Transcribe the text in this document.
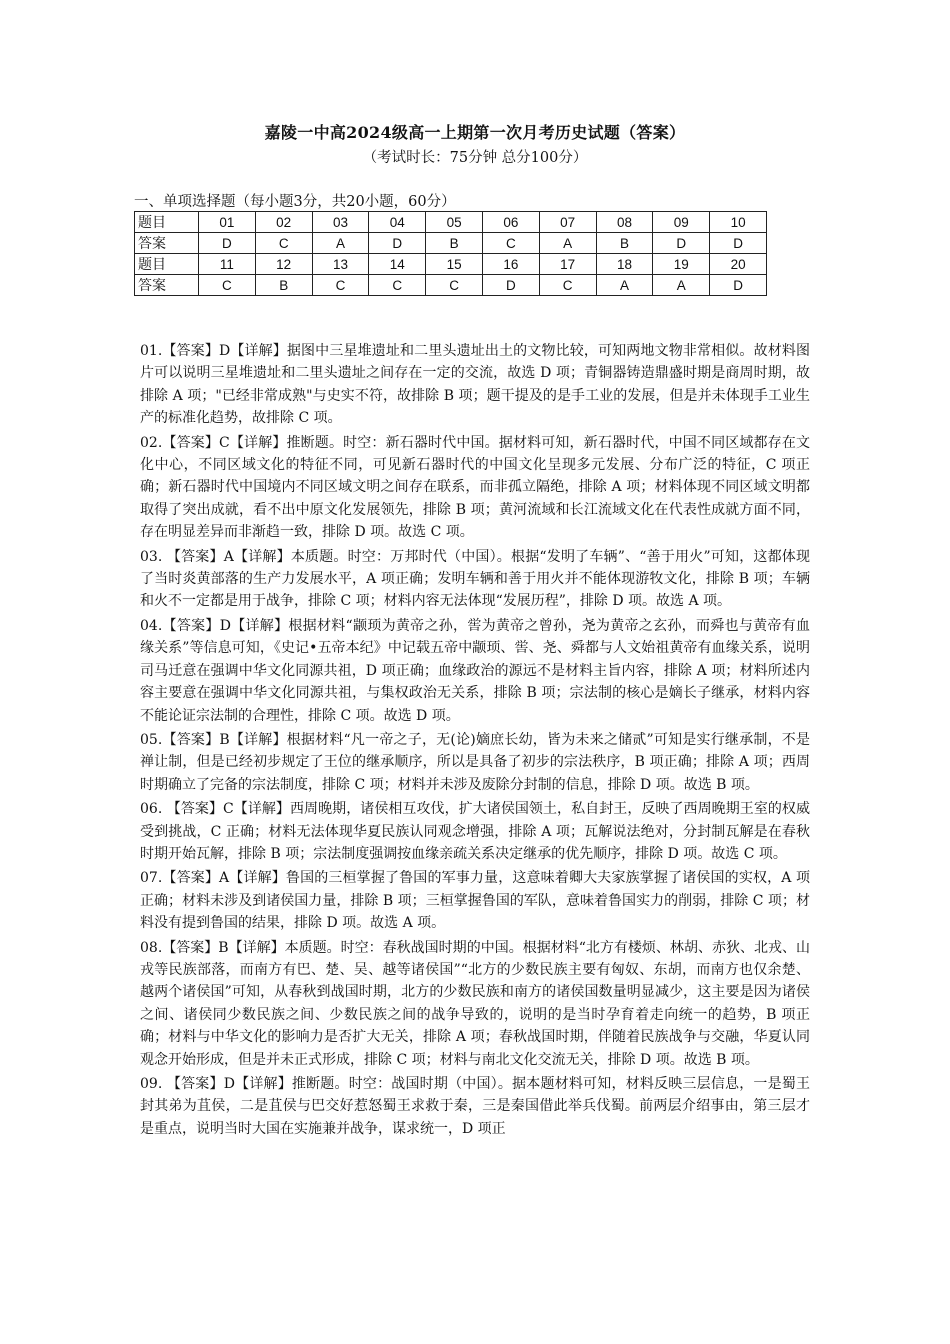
嘉陵一中高2024级高一上期第一次月考历史试题（答案）
（考试时长：75分钟 总分100分）
一、单项选择题（每小题3分，共20小题，60分）
题目	01	02	03	04	05	06	07	08	09	10
答案	D	C	A	D	B	C	A	B	D	D
题目	11	12	13	14	15	16	17	18	19	20
答案	C	B	C	C	C	D	C	A	A	D

01.【答案】D【详解】据图中三星堆遗址和二里头遗址出土的文物比较，可知两地文物非常相似。故材料图片可以说明三星堆遗址和二里头遗址之间存在一定的交流，故选 D 项；青铜器铸造鼎盛时期是商周时期，故排除 A 项；"已经非常成熟"与史实不符，故排除 B 项；题干提及的是手工业的发展，但是并未体现手工业生产的标准化趋势，故排除 C 项。

02.【答案】C【详解】推断题。时空：新石器时代中国。据材料可知，新石器时代，中国不同区域都存在文化中心，不同区域文化的特征不同，可见新石器时代的中国文化呈现多元发展、分布广泛的特征，C 项正确；新石器时代中国境内不同区域文明之间存在联系，而非孤立隔绝，排除 A 项；材料体现不同区域文明都取得了突出成就，看不出中原文化发展领先，排除 B 项；黄河流域和长江流域文化在代表性成就方面不同，存在明显差异而非渐趋一致，排除 D 项。故选 C 项。

03. 【答案】A【详解】本质题。时空：万邦时代（中国）。根据“发明了车辆”、“善于用火”可知，这都体现了当时炎黄部落的生产力发展水平，A 项正确；发明车辆和善于用火并不能体现游牧文化，排除 B 项；车辆和火不一定都是用于战争，排除 C 项；材料内容无法体现“发展历程”，排除 D 项。故选 A 项。

04.【答案】D【详解】根据材料“颛顼为黄帝之孙，喾为黄帝之曾孙，尧为黄帝之玄孙，而舜也与黄帝有血缘关系”等信息可知，《史记•五帝本纪》中记载五帝中颛顼、喾、尧、舜都与人文始祖黄帝有血缘关系，说明司马迁意在强调中华文化同源共祖，D 项正确；血缘政治的源远不是材料主旨内容，排除 A 项；材料所述内容主要意在强调中华文化同源共祖，与集权政治无关系，排除 B 项；宗法制的核心是嫡长子继承，材料内容不能论证宗法制的合理性，排除 C 项。故选 D 项。

05.【答案】B【详解】根据材料“凡一帝之子，无(论)嫡庶长幼，皆为未来之储贰”可知是实行继承制，不是禅让制，但是已经初步规定了王位的继承顺序，所以是具备了初步的宗法秩序，B 项正确；排除 A 项；西周时期确立了完备的宗法制度，排除 C 项；材料并未涉及废除分封制的信息，排除 D 项。故选 B 项。

06. 【答案】C【详解】西周晚期，诸侯相互攻伐，扩大诸侯国领土，私自封王，反映了西周晚期王室的权威受到挑战，C 正确；材料无法体现华夏民族认同观念增强，排除 A 项；瓦解说法绝对，分封制瓦解是在春秋时期开始瓦解，排除 B 项；宗法制度强调按血缘亲疏关系决定继承的优先顺序，排除 D 项。故选 C 项。

07.【答案】A【详解】鲁国的三桓掌握了鲁国的军事力量，这意味着卿大夫家族掌握了诸侯国的实权，A 项正确；材料未涉及到诸侯国力量，排除 B 项；三桓掌握鲁国的军队，意味着鲁国实力的削弱，排除 C 项；材料没有提到鲁国的结果，排除 D 项。故选 A 项。

08.【答案】B【详解】本质题。时空：春秋战国时期的中国。根据材料“北方有楼烦、林胡、赤狄、北戎、山戎等民族部落，而南方有巴、楚、吴、越等诸侯国”“北方的少数民族主要有匈奴、东胡，而南方也仅余楚、越两个诸侯国”可知，从春秋到战国时期，北方的少数民族和南方的诸侯国数量明显减少，这主要是因为诸侯之间、诸侯同少数民族之间、少数民族之间的战争导致的，说明的是当时孕育着走向统一的趋势，B 项正确；材料与中华文化的影响力是否扩大无关，排除 A 项；春秋战国时期，伴随着民族战争与交融，华夏认同观念开始形成，但是并未正式形成，排除 C 项；材料与南北文化交流无关，排除 D 项。故选 B 项。

09. 【答案】D【详解】推断题。时空：战国时期（中国）。据本题材料可知，材料反映三层信息，一是蜀王封其弟为苴侯，二是苴侯与巴交好惹怒蜀王求救于秦，三是秦国借此举兵伐蜀。前两层介绍事由，第三层才是重点，说明当时大国在实施兼并战争，谋求统一，D 项正
